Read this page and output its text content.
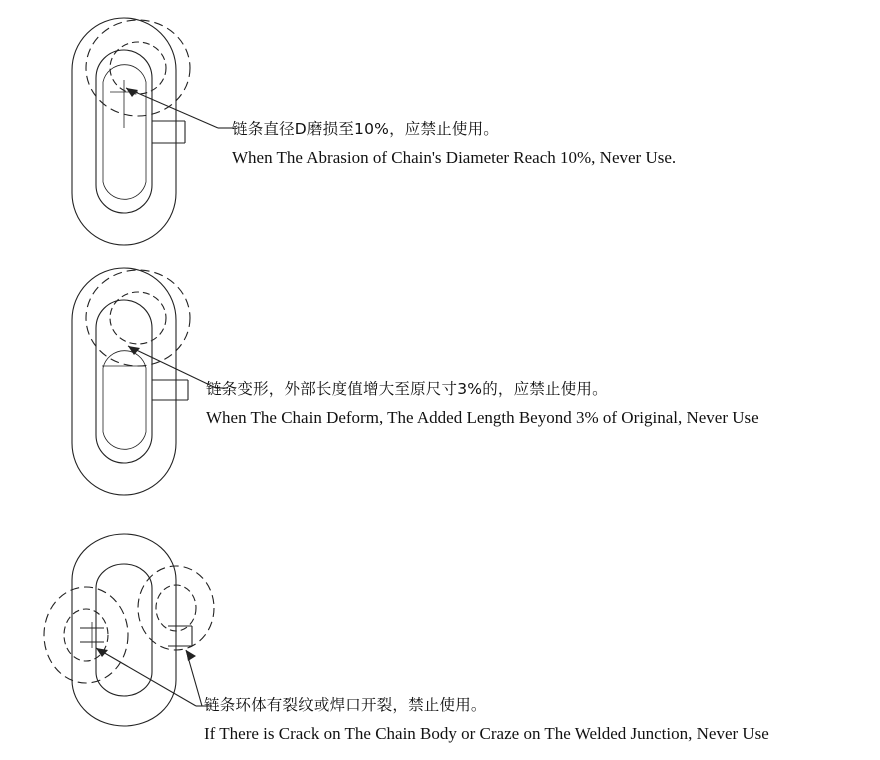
链条直径D磨损至10%，应禁止使用。
When The Abrasion of Chain's Diameter Reach 10%, Never Use.
链条变形，外部长度值增大至原尺寸3%的，应禁止使用。
When The Chain Deform, The Added Length Beyond 3% of Original, Never Use
链条环体有裂纹或焊口开裂，禁止使用。
If There is Crack on The Chain Body or Craze on The Welded Junction, Never Use
